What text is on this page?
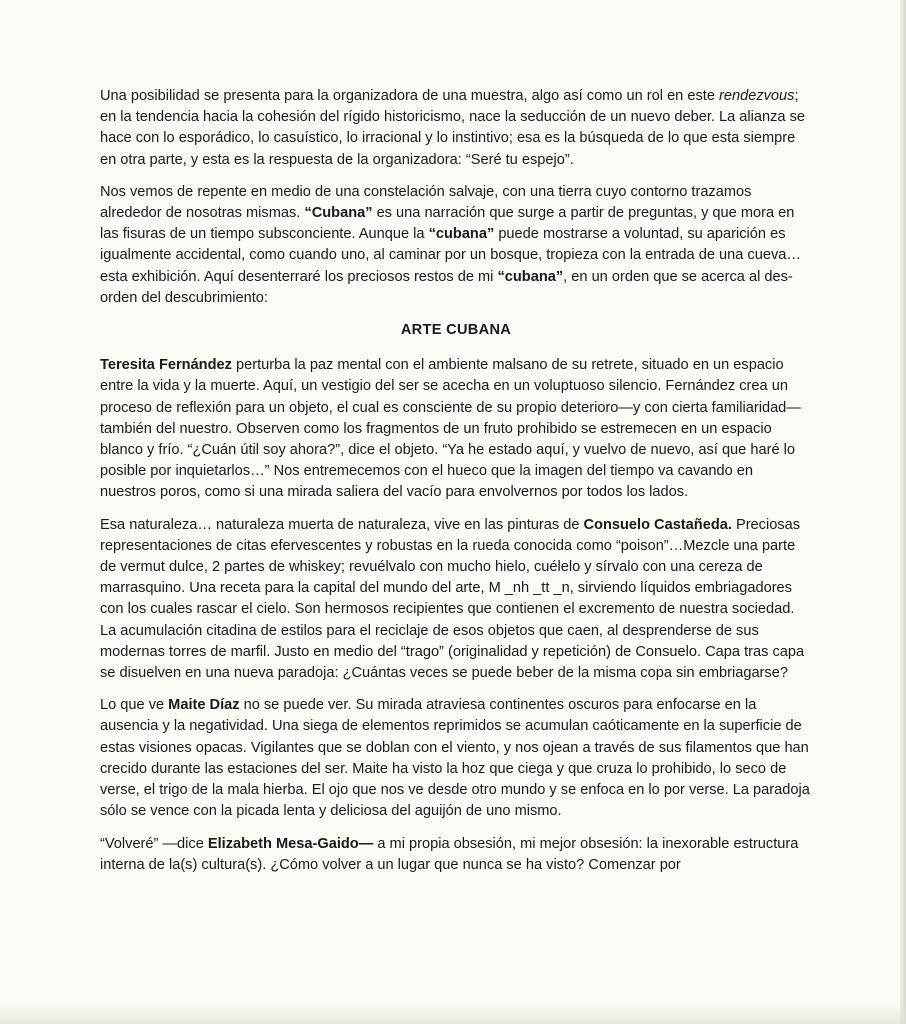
Una posibilidad se presenta para la organizadora de una muestra, algo así como un rol en este rendezvous; en la tendencia hacia la cohesión del rígido historicismo, nace la seducción de un nuevo deber. La alianza se hace con lo esporádico, lo casuístico, lo irracional y lo instintivo; esa es la búsqueda de lo que esta siempre en otra parte, y esta es la respuesta de la organizadora: “Seré tu espejo”.

Nos vemos de repente en medio de una constelación salvaje, con una tierra cuyo contorno trazamos alrededor de nosotras mismas. “Cubana” es una narración que surge a partir de preguntas, y que mora en las fisuras de un tiempo subsconciente. Aunque la “cubana” puede mostrarse a voluntad, su aparición es igualmente accidental, como cuando uno, al caminar por un bosque, tropieza con la entrada de una cueva… esta exhibición. Aquí desenterraré los preciosos restos de mi “cubana”, en un orden que se acerca al des-orden del descubrimiento:

ARTE CUBANA

Teresita Fernández perturba la paz mental con el ambiente malsano de su retrete, situado en un espacio entre la vida y la muerte. Aquí, un vestigio del ser se acecha en un voluptuoso silencio. Fernández crea un proceso de reflexión para un objeto, el cual es consciente de su propio deterioro—y con cierta familiaridad— también del nuestro. Observen como los fragmentos de un fruto prohibido se estremecen en un espacio blanco y frío. “¿Cuán útil soy ahora?”, dice el objeto. “Ya he estado aquí, y vuelvo de nuevo, así que haré lo posible por inquietarlos…” Nos entremecemos con el hueco que la imagen del tiempo va cavando en nuestros poros, como si una mirada saliera del vacío para envolvernos por todos los lados.

Esa naturaleza… naturaleza muerta de naturaleza, vive en las pinturas de Consuelo Castañeda. Preciosas representaciones de citas efervescentes y robustas en la rueda conocida como “poison”…Mezcle una parte de vermut dulce, 2 partes de whiskey; revuélvalo con mucho hielo, cuélelo y sírvalo con una cereza de marrasquino. Una receta para la capital del mundo del arte, M _nh _tt _n, sirviendo líquidos embriagadores con los cuales rascar el cielo. Son hermosos recipientes que contienen el excremento de nuestra sociedad. La acumulación citadina de estilos para el reciclaje de esos objetos que caen, al desprenderse de sus modernas torres de marfil. Justo en medio del “trago” (originalidad y repetición) de Consuelo. Capa tras capa se disuelven en una nueva paradoja: ¿Cuántas veces se puede beber de la misma copa sin embriagarse?

Lo que ve Maite Díaz no se puede ver. Su mirada atraviesa continentes oscuros para enfocarse en la ausencia y la negatividad. Una siega de elementos reprimidos se acumulan caóticamente en la superficie de estas visiones opacas. Vigilantes que se doblan con el viento, y nos ojean a través de sus filamentos que han crecido durante las estaciones del ser. Maite ha visto la hoz que ciega y que cruza lo prohibido, lo seco de verse, el trigo de la mala hierba. El ojo que nos ve desde otro mundo y se enfoca en lo por verse. La paradoja sólo se vence con la picada lenta y deliciosa del aguijón de uno mismo.

“Volveré” —dice Elizabeth Mesa-Gaido— a mi propia obsesión, mi mejor obsesión: la inexorable estructura interna de la(s) cultura(s). ¿Cómo volver a un lugar que nunca se ha visto? Comenzar por
